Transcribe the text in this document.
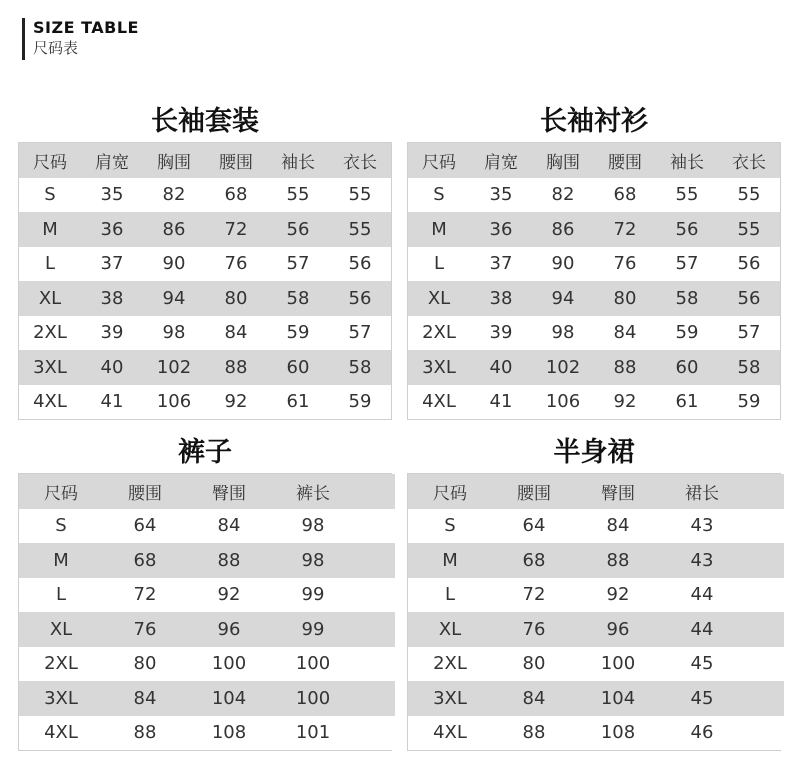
SIZE TABLE
尺码表
长袖套装
尺码	肩宽	胸围	腰围	袖长	衣长
S	35	82	68	55	55
M	36	86	72	56	55
L	37	90	76	57	56
XL	38	94	80	58	56
2XL	39	98	84	59	57
3XL	40	102	88	60	58
4XL	41	106	92	61	59
长袖衬衫
尺码	肩宽	胸围	腰围	袖长	衣长
S	35	82	68	55	55
M	36	86	72	56	55
L	37	90	76	57	56
XL	38	94	80	58	56
2XL	39	98	84	59	57
3XL	40	102	88	60	58
4XL	41	106	92	61	59
裤子
尺码	腰围	臀围	裤长	
S	64	84	98	
M	68	88	98	
L	72	92	99	
XL	76	96	99	
2XL	80	100	100	
3XL	84	104	100	
4XL	88	108	101	
半身裙
尺码	腰围	臀围	裙长	
S	64	84	43	
M	68	88	43	
L	72	92	44	
XL	76	96	44	
2XL	80	100	45	
3XL	84	104	45	
4XL	88	108	46	
